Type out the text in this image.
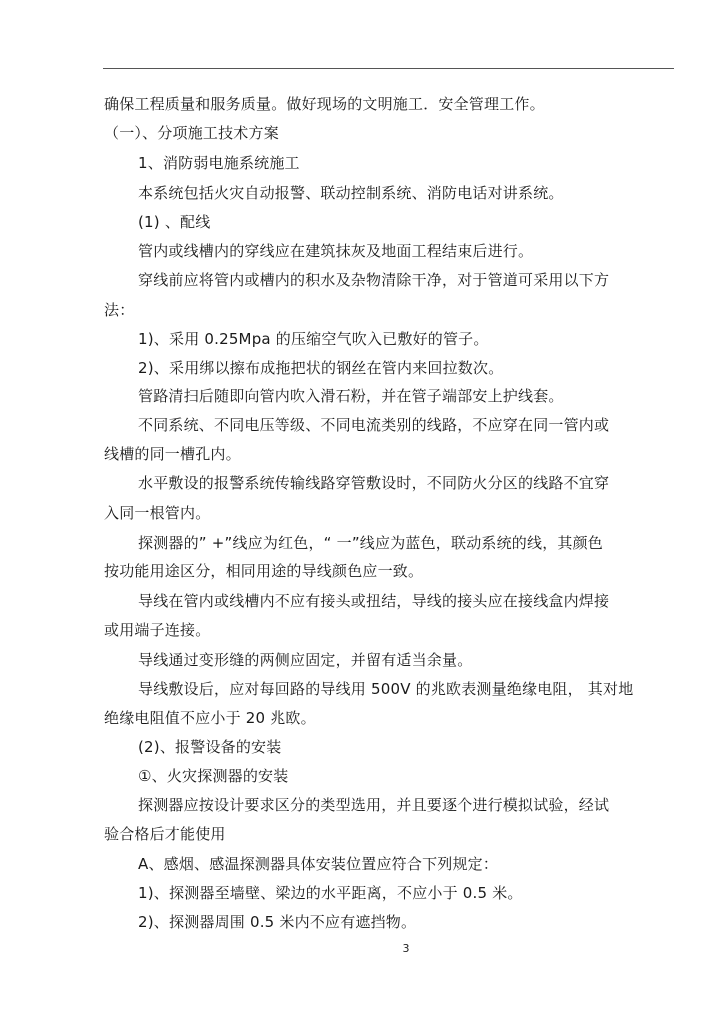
确保工程质量和服务质量。做好现场的文明施工．安全管理工作。
（一）、分项施工技术方案
1、消防弱电施系统施工
本系统包括火灾自动报警、联动控制系统、消防电话对讲系统。
(1) 、配线
管内或线槽内的穿线应在建筑抹灰及地面工程结束后进行。
穿线前应将管内或槽内的积水及杂物清除干净，对于管道可采用以下方
法：
1)、采用 0.25Mpa 的压缩空气吹入已敷好的管子。
2)、采用绑以擦布成拖把状的钢丝在管内来回拉数次。
管路清扫后随即向管内吹入滑石粉，并在管子端部安上护线套。
不同系统、不同电压等级、不同电流类别的线路，不应穿在同一管内或
线槽的同一槽孔内。
水平敷设的报警系统传输线路穿管敷设时，不同防火分区的线路不宜穿
入同一根管内。
探测器的” +”线应为红色，“ 一”线应为蓝色，联动系统的线，其颜色
按功能用途区分，相同用途的导线颜色应一致。
导线在管内或线槽内不应有接头或扭结，导线的接头应在接线盒内焊接
或用端子连接。
导线通过变形缝的两侧应固定，并留有适当余量。
导线敷设后，应对每回路的导线用 500V 的兆欧表测量绝缘电阻， 其对地
绝缘电阻值不应小于 20 兆欧。
(2)、报警设备的安装
①、火灾探测器的安装
探测器应按设计要求区分的类型选用，并且要逐个进行模拟试验，经试
验合格后才能使用
A、感烟、感温探测器具体安装位置应符合下列规定：
1)、探测器至墙壁、梁边的水平距离，不应小于 0.5 米。
2)、探测器周围 0.5 米内不应有遮挡物。
3
